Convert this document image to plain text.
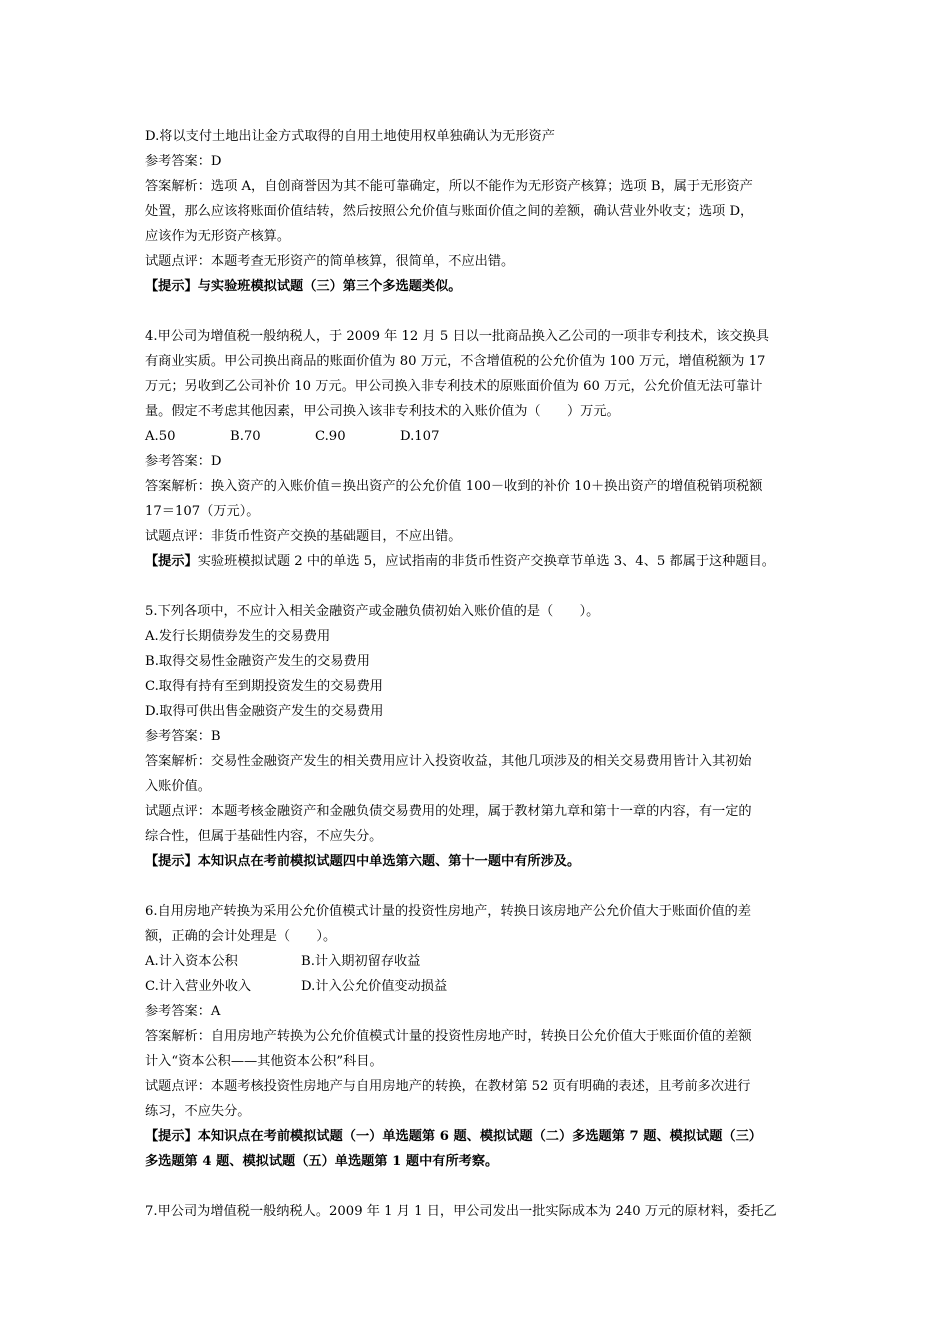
D.将以支付土地出让金方式取得的自用土地使用权单独确认为无形资产
参考答案：D
答案解析：选项 A，自创商誉因为其不能可靠确定，所以不能作为无形资产核算；选项 B，属于无形资产
处置，那么应该将账面价值结转，然后按照公允价值与账面价值之间的差额，确认营业外收支；选项 D，
应该作为无形资产核算。
试题点评：本题考查无形资产的简单核算，很简单，不应出错。
【提示】与实验班模拟试题（三）第三个多选题类似。
4.甲公司为增值税一般纳税人，于 2009 年 12 月 5 日以一批商品换入乙公司的一项非专利技术，该交换具
有商业实质。甲公司换出商品的账面价值为 80 万元，不含增值税的公允价值为 100 万元，增值税额为 17
万元；另收到乙公司补价 10 万元。甲公司换入非专利技术的原账面价值为 60 万元，公允价值无法可靠计
量。假定不考虑其他因素，甲公司换入该非专利技术的入账价值为（　　）万元。
A.50	B.70	C.90	D.107
参考答案：D
答案解析：换入资产的入账价值＝换出资产的公允价值 100－收到的补价 10＋换出资产的增值税销项税额
17＝107（万元）。
试题点评：非货币性资产交换的基础题目，不应出错。
【提示】实验班模拟试题 2 中的单选 5，应试指南的非货币性资产交换章节单选 3、4、5 都属于这种题目。
5.下列各项中，不应计入相关金融资产或金融负债初始入账价值的是（　　）。
A.发行长期债券发生的交易费用
B.取得交易性金融资产发生的交易费用
C.取得有持有至到期投资发生的交易费用
D.取得可供出售金融资产发生的交易费用
参考答案：B
答案解析：交易性金融资产发生的相关费用应计入投资收益，其他几项涉及的相关交易费用皆计入其初始
入账价值。
试题点评：本题考核金融资产和金融负债交易费用的处理，属于教材第九章和第十一章的内容，有一定的
综合性，但属于基础性内容，不应失分。
【提示】本知识点在考前模拟试题四中单选第六题、第十一题中有所涉及。
6.自用房地产转换为采用公允价值模式计量的投资性房地产，转换日该房地产公允价值大于账面价值的差
额，正确的会计处理是（　　）。
A.计入资本公积	B.计入期初留存收益
C.计入营业外收入	D.计入公允价值变动损益
参考答案：A
答案解析：自用房地产转换为公允价值模式计量的投资性房地产时，转换日公允价值大于账面价值的差额
计入“资本公积——其他资本公积”科目。
试题点评：本题考核投资性房地产与自用房地产的转换，在教材第 52 页有明确的表述，且考前多次进行
练习，不应失分。
【提示】本知识点在考前模拟试题（一）单选题第 6 题、模拟试题（二）多选题第 7 题、模拟试题（三）
多选题第 4 题、模拟试题（五）单选题第 1 题中有所考察。
7.甲公司为增值税一般纳税人。2009 年 1 月 1 日，甲公司发出一批实际成本为 240 万元的原材料，委托乙
